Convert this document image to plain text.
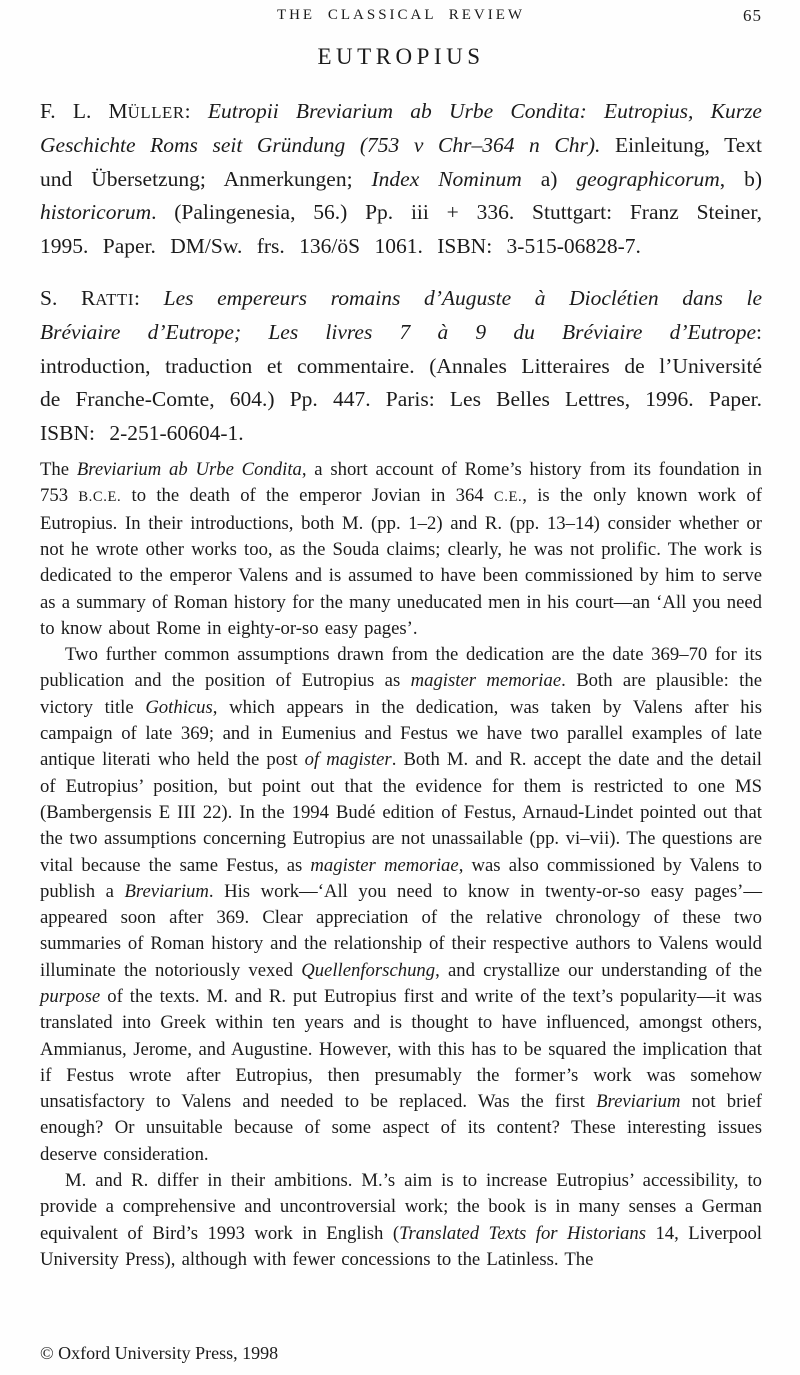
THE CLASSICAL REVIEW	65
EUTROPIUS
F. L. MÜLLER: Eutropii Breviarium ab Urbe Condita: Eutropius, Kurze Geschichte Roms seit Gründung (753 v Chr–364 n Chr). Einleitung, Text und Übersetzung; Anmerkungen; Index Nominum a) geographicorum, b) historicorum. (Palingenesia, 56.) Pp. iii + 336. Stuttgart: Franz Steiner, 1995. Paper. DM/Sw. frs. 136/öS 1061. ISBN: 3-515-06828-7.
S. RATTI: Les empereurs romains d’Auguste à Dioclétien dans le Bréviaire d’Eutrope; Les livres 7 à 9 du Bréviaire d’Eutrope: introduction, traduction et commentaire. (Annales Litteraires de l’Université de Franche-Comte, 604.) Pp. 447. Paris: Les Belles Lettres, 1996. Paper. ISBN: 2-251-60604-1.

The Breviarium ab Urbe Condita, a short account of Rome’s history from its foundation in 753 B.C.E. to the death of the emperor Jovian in 364 C.E., is the only known work of Eutropius. In their introductions, both M. (pp. 1–2) and R. (pp. 13–14) consider whether or not he wrote other works too, as the Souda claims; clearly, he was not prolific. The work is dedicated to the emperor Valens and is assumed to have been commissioned by him to serve as a summary of Roman history for the many uneducated men in his court—an ‘All you need to know about Rome in eighty-or-so easy pages’.

Two further common assumptions drawn from the dedication are the date 369–70 for its publication and the position of Eutropius as magister memoriae. Both are plausible: the victory title Gothicus, which appears in the dedication, was taken by Valens after his campaign of late 369; and in Eumenius and Festus we have two parallel examples of late antique literati who held the post of magister. Both M. and R. accept the date and the detail of Eutropius’ position, but point out that the evidence for them is restricted to one MS (Bambergensis E III 22). In the 1994 Budé edition of Festus, Arnaud-Lindet pointed out that the two assumptions concerning Eutropius are not unassailable (pp. vi–vii). The questions are vital because the same Festus, as magister memoriae, was also commissioned by Valens to publish a Breviarium. His work—‘All you need to know in twenty-or-so easy pages’—appeared soon after 369. Clear appreciation of the relative chronology of these two summaries of Roman history and the relationship of their respective authors to Valens would illuminate the notoriously vexed Quellenforschung, and crystallize our understanding of the purpose of the texts. M. and R. put Eutropius first and write of the text’s popularity—it was translated into Greek within ten years and is thought to have influenced, amongst others, Ammianus, Jerome, and Augustine. However, with this has to be squared the implication that if Festus wrote after Eutropius, then presumably the former’s work was somehow unsatisfactory to Valens and needed to be replaced. Was the first Breviarium not brief enough? Or unsuitable because of some aspect of its content? These interesting issues deserve consideration.

M. and R. differ in their ambitions. M.’s aim is to increase Eutropius’ accessibility, to provide a comprehensive and uncontroversial work; the book is in many senses a German equivalent of Bird’s 1993 work in English (Translated Texts for Historians 14, Liverpool University Press), although with fewer concessions to the Latinless. The

© Oxford University Press, 1998
